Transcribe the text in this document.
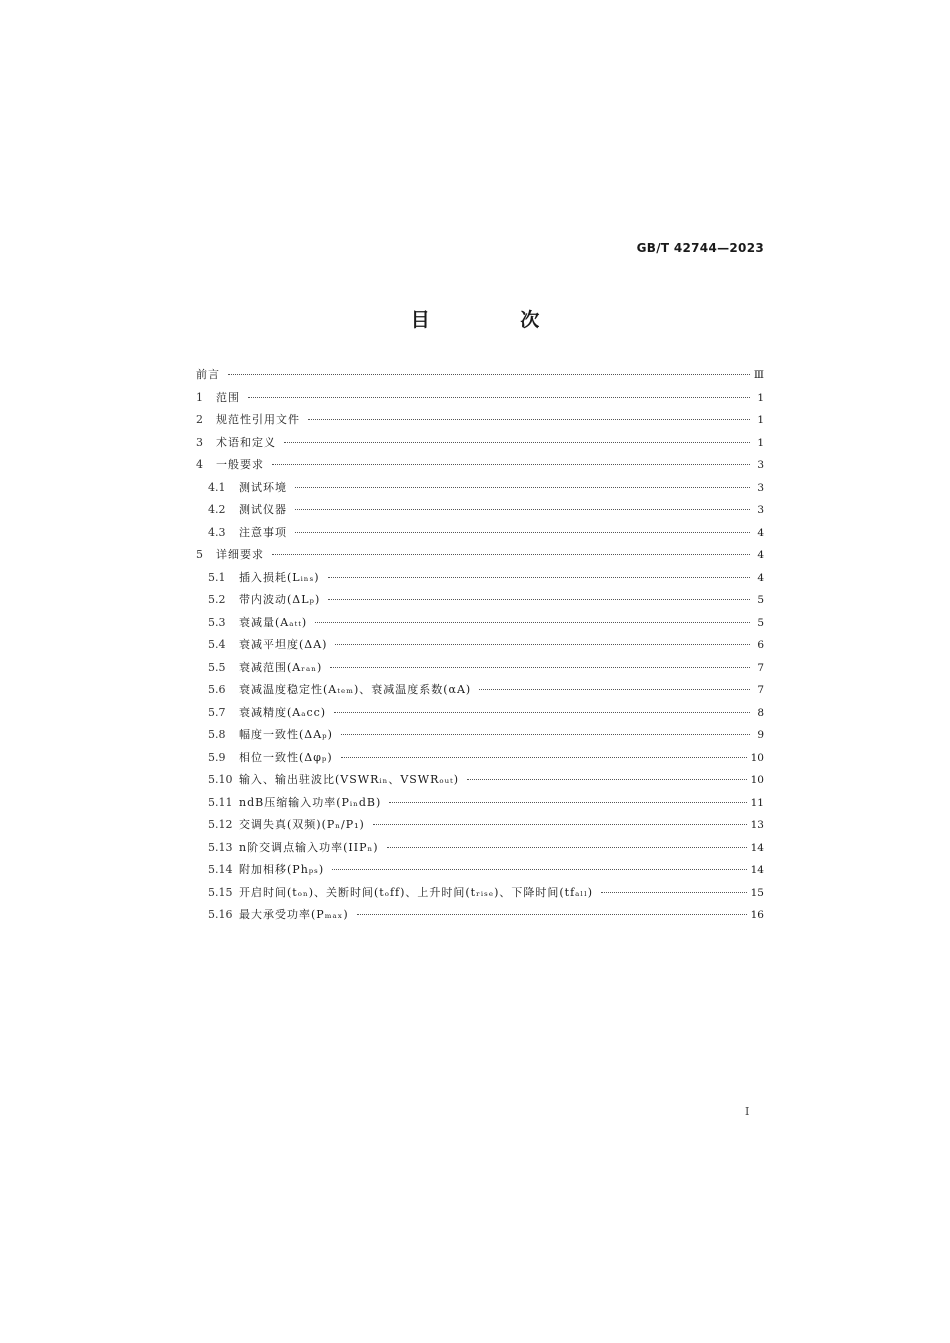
GB/T 42744—2023
目 次
前言	Ⅲ
1	范围	1
2	规范性引用文件	1
3	术语和定义	1
4	一般要求	3
4.1	测试环境	3
4.2	测试仪器	3
4.3	注意事项	4
5	详细要求	4
5.1	插入损耗(Lᵢₙₛ)	4
5.2	带内波动(ΔLₚ)	5
5.3	衰减量(Aₐₜₜ)	5
5.4	衰减平坦度(ΔA)	6
5.5	衰减范围(Aᵣₐₙ)	7
5.6	衰减温度稳定性(Aₜₑₘ)、衰减温度系数(αA)	7
5.7	衰减精度(Aₐcc)	8
5.8	幅度一致性(ΔAₚ)	9
5.9	相位一致性(Δφₚ)	10
5.10 输入、输出驻波比(VSWRᵢₙ、VSWRₒᵤₜ)	10
5.11 ndB压缩输入功率(PᵢₙdB)	11
5.12 交调失真(双频)(Pₙ/P₁)	13
5.13 n阶交调点输入功率(IIPₙ)	14
5.14 附加相移(Phₚₛ)	14
5.15 开启时间(tₒₙ)、关断时间(tₒff)、上升时间(tᵣᵢₛₑ)、下降时间(tfₐₗₗ)	15
5.16 最大承受功率(Pₘₐₓ)	16
I
